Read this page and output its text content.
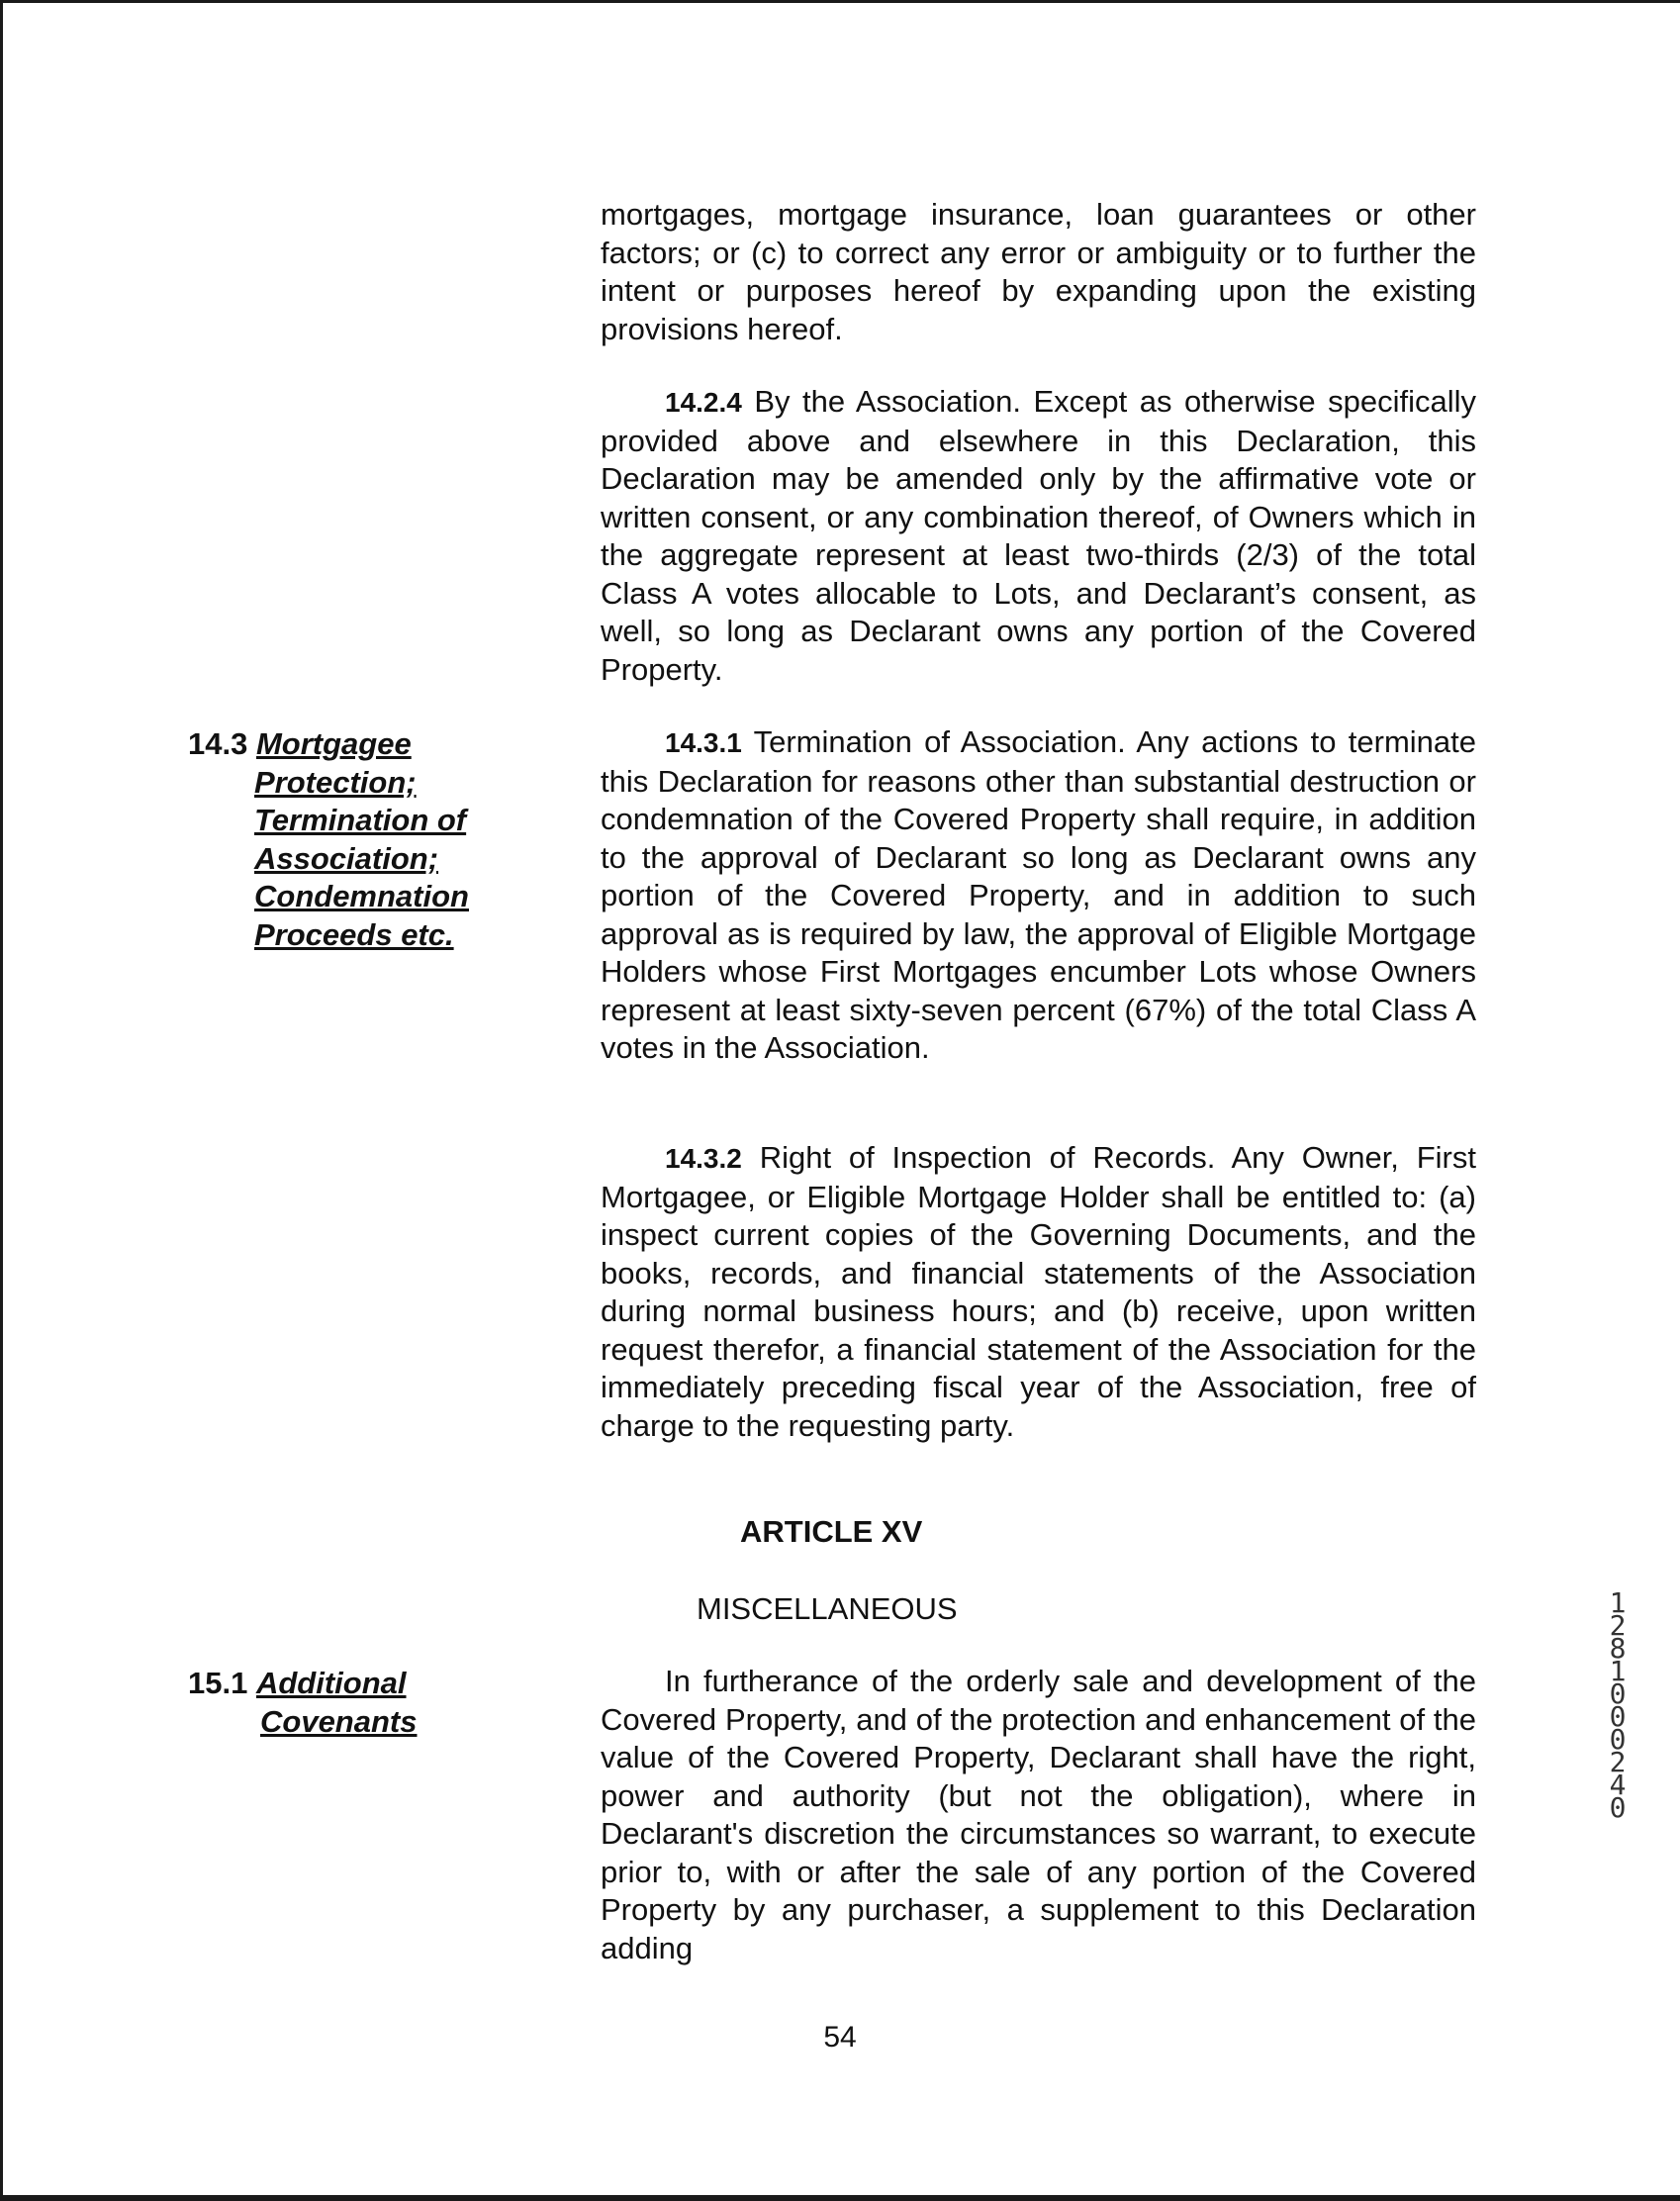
mortgages, mortgage insurance, loan guarantees or other factors; or (c) to correct any error or ambiguity or to further the intent or purposes hereof by expanding upon the existing provisions hereof.

14.2.4 By the Association. Except as otherwise specifically provided above and elsewhere in this Declaration, this Declaration may be amended only by the affirmative vote or written consent, or any combination thereof, of Owners which in the aggregate represent at least two-thirds (2/3) of the total Class A votes allocable to Lots, and Declarant’s consent, as well, so long as Declarant owns any portion of the Covered Property.

14.3 Mortgagee
Protection;
Termination of
Association;
Condemnation
Proceeds etc.

14.3.1 Termination of Association. Any actions to terminate this Declaration for reasons other than substantial destruction or condemnation of the Covered Property shall require, in addition to the approval of Declarant so long as Declarant owns any portion of the Covered Property, and in addition to such approval as is required by law, the approval of Eligible Mortgage Holders whose First Mortgages encumber Lots whose Owners represent at least sixty-seven percent (67%) of the total Class A votes in the Association.

14.3.2 Right of Inspection of Records. Any Owner, First Mortgagee, or Eligible Mortgage Holder shall be entitled to: (a) inspect current copies of the Governing Documents, and the books, records, and financial statements of the Association during normal business hours; and (b) receive, upon written request therefor, a financial statement of the Association for the immediately preceding fiscal year of the Association, free of charge to the requesting party.

ARTICLE XV

MISCELLANEOUS

15.1 Additional
Covenants

In furtherance of the orderly sale and development of the Covered Property, and of the protection and enhancement of the value of the Covered Property, Declarant shall have the right, power and authority (but not the obligation), where in Declarant's discretion the circumstances so warrant, to execute prior to, with or after the sale of any portion of the Covered Property by any purchaser, a supplement to this Declaration adding

54

12810 00240
